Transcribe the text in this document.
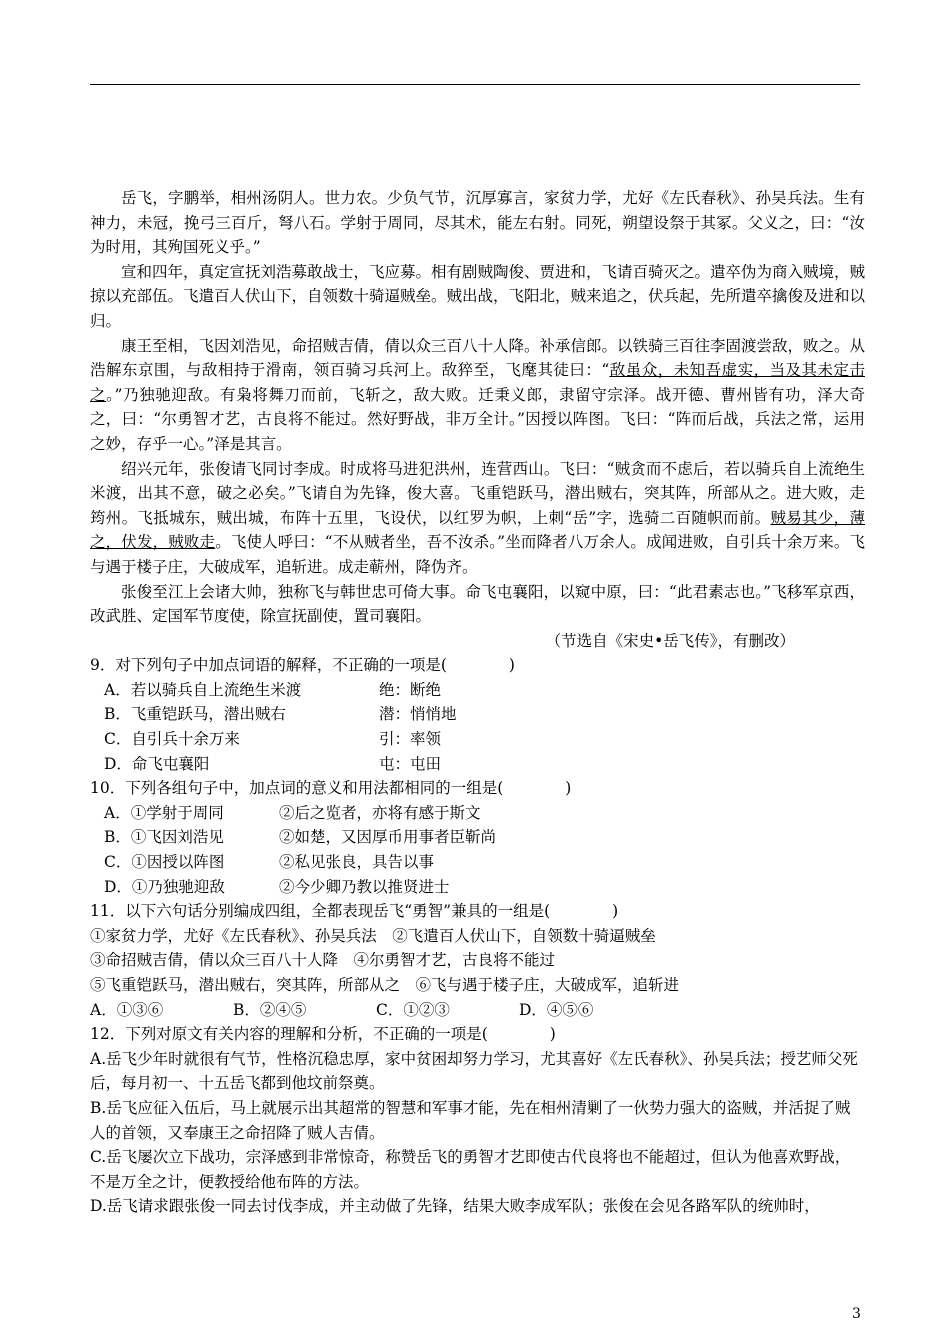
岳飞，字鹏举，相州汤阴人。世力农。少负气节，沉厚寡言，家贫力学，尤好《左氏春秋》、孙吴兵法。生有神力，未冠，挽弓三百斤，弩八石。学射于周同，尽其术，能左右射。同死，朔望设祭于其冢。父义之，曰：“汝为时用，其殉国死义乎。”

宣和四年，真定宣抚刘浩募敢战士，飞应募。相有剧贼陶俊、贾进和，飞请百骑灭之。遣卒伪为商入贼境，贼掠以充部伍。飞遣百人伏山下，自领数十骑逼贼垒。贼出战，飞阳北，贼来追之，伏兵起，先所遣卒擒俊及进和以归。

康王至相，飞因刘浩见，命招贼吉倩，倩以众三百八十人降。补承信郎。以铁骑三百往李固渡尝敌，败之。从浩解东京围，与敌相持于滑南，领百骑习兵河上。敌猝至，飞麾其徒曰：“敌虽众，未知吾虚实，当及其未定击之。”乃独驰迎敌。有枭将舞刀而前，飞斩之，敌大败。迁秉义郎，隶留守宗泽。战开德、曹州皆有功，泽大奇之，曰：“尔勇智才艺，古良将不能过。然好野战，非万全计。”因授以阵图。飞曰：“阵而后战，兵法之常，运用之妙，存乎一心。”泽是其言。

绍兴元年，张俊请飞同讨李成。时成将马进犯洪州，连营西山。飞曰：“贼贪而不虑后，若以骑兵自上流绝生米渡，出其不意，破之必矣。”飞请自为先锋，俊大喜。飞重铠跃马，潜出贼右，突其阵，所部从之。进大败，走筠州。飞抵城东，贼出城，布阵十五里，飞设伏，以红罗为帜，上刺“岳”字，选骑二百随帜而前。贼易其少，薄之，伏发，贼败走。飞使人呼曰：“不从贼者坐，吾不汝杀。”坐而降者八万余人。成闻进败，自引兵十余万来。飞与遇于楼子庄，大破成军，追斩进。成走蕲州，降伪齐。

张俊至江上会诸大帅，独称飞与韩世忠可倚大事。命飞屯襄阳，以窥中原，曰：“此君素志也。”飞移军京西，改武胜、定国军节度使，除宣抚副使，置司襄阳。

（节选自《宋史•岳飞传》，有删改）

9．对下列句子中加点词语的解释，不正确的一项是(　　　　)

A．若以骑兵自上流绝生米渡	绝：断绝

B．飞重铠跃马，潜出贼右	潜：悄悄地

C．自引兵十余万来	引：率领

D．命飞屯襄阳	屯：屯田

10．下列各组句子中，加点词的意义和用法都相同的一组是(　　　　)

A．①学射于周同	②后之览者，亦将有感于斯文

B．①飞因刘浩见	②如楚，又因厚币用事者臣靳尚

C．①因授以阵图	②私见张良，具告以事

D．①乃独驰迎敌	②今少卿乃教以推贤进士

11．以下六句话分别编成四组，全都表现岳飞“勇智”兼具的一组是(　　　　)

①家贫力学，尤好《左氏春秋》、孙吴兵法　②飞遣百人伏山下，自领数十骑逼贼垒

③命招贼吉倩，倩以众三百八十人降　④尔勇智才艺，古良将不能过

⑤飞重铠跃马，潜出贼右，突其阵，所部从之　⑥飞与遇于楼子庄，大破成军，追斩进

A．①③⑥	B．②④⑤	C．①②③	D．④⑤⑥

12．下列对原文有关内容的理解和分析，不正确的一项是(　　　　)

A.岳飞少年时就很有气节，性格沉稳忠厚，家中贫困却努力学习，尤其喜好《左氏春秋》、孙吴兵法；授艺师父死后，每月初一、十五岳飞都到他坟前祭奠。

B.岳飞应征入伍后，马上就展示出其超常的智慧和军事才能，先在相州清剿了一伙势力强大的盗贼，并活捉了贼人的首领，又奉康王之命招降了贼人吉倩。

C.岳飞屡次立下战功，宗泽感到非常惊奇，称赞岳飞的勇智才艺即使古代良将也不能超过，但认为他喜欢野战，不是万全之计，便教授给他布阵的方法。

D.岳飞请求跟张俊一同去讨伐李成，并主动做了先锋，结果大败李成军队；张俊在会见各路军队的统帅时，

3
